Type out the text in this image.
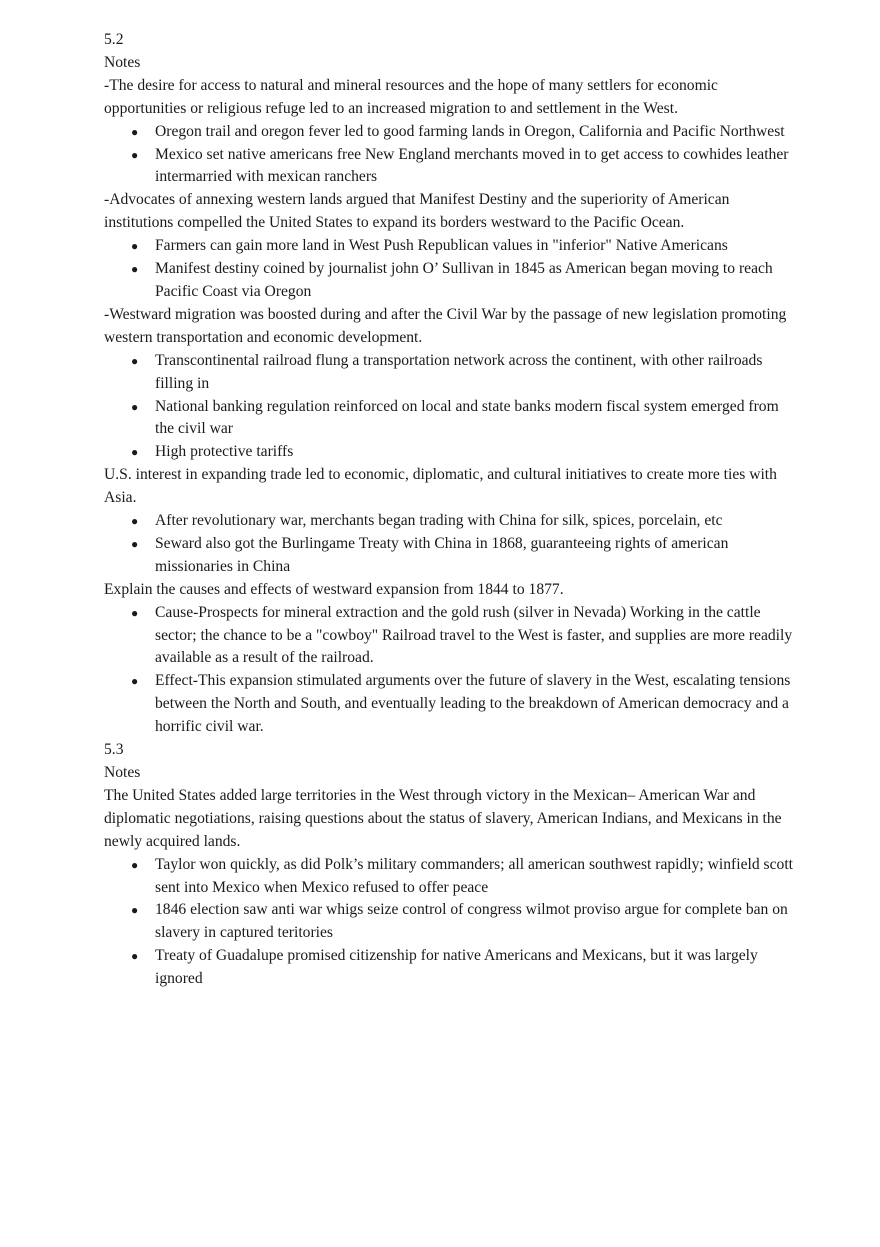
5.2
Notes
-The desire for access to natural and mineral resources and the hope of many settlers for economic opportunities or religious refuge led to an increased migration to and settlement in the West.
● Oregon trail and oregon fever led to good farming lands in Oregon, California and Pacific Northwest
● Mexico set native americans free New England merchants moved in to get access to cowhides leather intermarried with mexican ranchers
-Advocates of annexing western lands argued that Manifest Destiny and the superiority of American institutions compelled the United States to expand its borders westward to the Pacific Ocean.
● Farmers can gain more land in West Push Republican values in "inferior" Native Americans
● Manifest destiny coined by journalist john O’ Sullivan in 1845 as American began moving to reach Pacific Coast via Oregon
-Westward migration was boosted during and after the Civil War by the passage of new legislation promoting western transportation and economic development.
● Transcontinental railroad flung a transportation network across the continent, with other railroads filling in
● National banking regulation reinforced on local and state banks modern fiscal system emerged from the civil war
● High protective tariffs
U.S. interest in expanding trade led to economic, diplomatic, and cultural initiatives to create more ties with Asia.
● After revolutionary war, merchants began trading with China for silk, spices, porcelain, etc
● Seward also got the Burlingame Treaty with China in 1868, guaranteeing rights of american missionaries in China
Explain the causes and effects of westward expansion from 1844 to 1877.
● Cause-Prospects for mineral extraction and the gold rush (silver in Nevada) Working in the cattle sector; the chance to be a "cowboy" Railroad travel to the West is faster, and supplies are more readily available as a result of the railroad.
● Effect-This expansion stimulated arguments over the future of slavery in the West, escalating tensions between the North and South, and eventually leading to the breakdown of American democracy and a horrific civil war.
5.3
Notes
The United States added large territories in the West through victory in the Mexican– American War and diplomatic negotiations, raising questions about the status of slavery, American Indians, and Mexicans in the newly acquired lands.
● Taylor won quickly, as did Polk’s military commanders; all american southwest rapidly; winfield scott sent into Mexico when Mexico refused to offer peace
● 1846 election saw anti war whigs seize control of congress wilmot proviso argue for complete ban on slavery in captured teritories
● Treaty of Guadalupe promised citizenship for native Americans and Mexicans, but it was largely ignored
